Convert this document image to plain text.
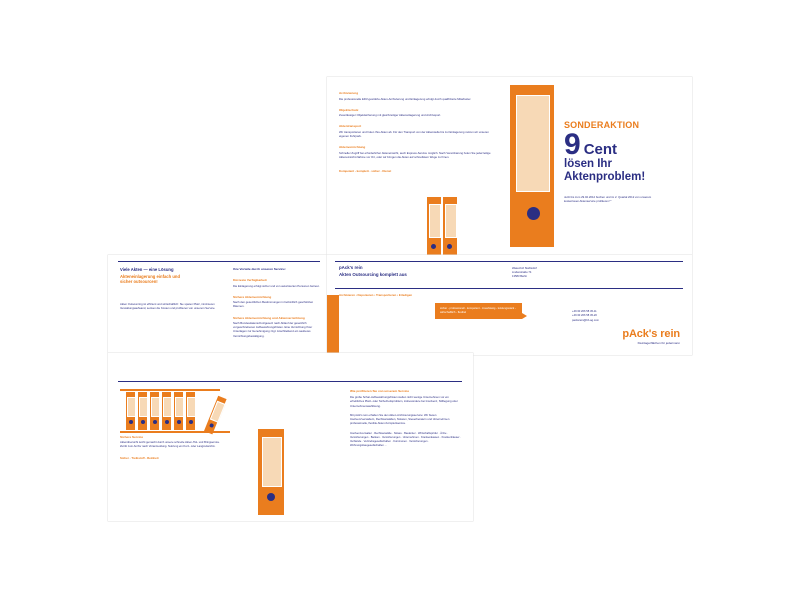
Archivierung
Die professionelle EDV-gestützte Akten-Archivierung und Einlagerung erfolgt durch qualifizierte Mitarbeiter.
Objektschutz
Zuverlässiger Objektsicherung mit gleichzeitiger Aktenanlagerung und Archivsport.
Aktentransport
Wir transportieren und holen Ihre Akten ab. Für den Transport von der Aktenstelle bis zur Einlagerung nutzen wir unseren eigenen Fuhrpark.
Aktenvernichtung
Schneller Zugriff bei erforderlicher Akteneinsicht, auch Express-Service möglich. Nach Vereinbarung holen Sie jederzeitige Akteneinsicht-Nahme vor Ort, oder wir bringen die Akten auf schnellstem Wege zu Ihnen.
Kompetent - komplett - sicher - Dienst
SONDERAKTION
9 Cent
lösen Ihr
Aktenproblem!
Jetzt bis zum 29.02.2012 buchen und im 2. Quartal 2012 von unserem kostenlosen Aktenservice profitieren! *
Viele Akten — eine Lösung
Akteneinlagerung einfach und
sicher outsourcen!
Akten Outsourcing ist effizient und wirtschaftlich: Sie sparen Platz, minimieren Verwaltungsaufwand, senken die Kosten und profitieren von unserem Service.
Ihre Vorteile durch unseren Service:
Kürzeste Verfügbarkeit
Die Einlagerung erfolgt sicher und von autorisierten Personen betreut.
Sichere Aktenvernichtung
Nach den gesetzlichen Bestimmungen in behördlich geschützten Räumen.
Sichere Aktenvernichtung und Aktenvernichtung
Nach Bundesdatenschutzgesetz nach Ablauf der gesetzlich vorgeschriebenen Aufbewahrungsfristen. Eine Vernichtung Ihrer Unterlagen zur Genehmigung zzgl. Anschließend ein sauberes Vernichtungsbestätigung.
pAck's rein
Akten Outsourcing komplett aus
Archivieren • Deponieren • Transportieren • Erledigen
Wasenhof Stahlsdorf
Lindenstraße 74
13583 Berlin
+49 30 206 58 45-11
+49 30 206 58 45-20
packsrein@bh-ag.com
sicher - professionell - kompetent - zuverlässig - leistungsstark - wirtschaftlich - flexibel
pAck's rein
Kleinlagerflächen für jedermann
Sichere Service
Aktenübersicht leicht gemacht durch unsere schnelle Akten-Hol- und Bringservice. Zutritt zum Archiv nach Voranmeldung. Nutzung ein Kurz- oder Langzeitarchiv.
Sicher - Treibstoff - Reinheit
Wie profitieren Sie von unserem Service

Die große Schar-Aufbewahrungsfristen stellen nicht wenige Unternehmen vor ein erhebliches Platz- oder Sicherheitsproblem, insbesondere bei Insolvenz, Stilllegung oder Unternehmensauflösung.

Mit pAck's rein erhalten Sie den Akten-Archivierungsservice: Wir bieten Insolvenzverwaltern, Rechtsanwälten, Notaren, Steuerberatern und Unternehmen professionelle, flexible Akten-Komplettservice.

Insolvenzverwalter · Rechtsanwälte · Notare · Bauämter · Wirtschaftsprüfer · Ärzte · Versicherungen · Banken · Versicherungen · Unternehmen · Krankenkassen · Krankenhäuser · Verbände · Vertriebsgesellschaften · Kommunen · Versicherungen · Wohnungsbaugesellschaften ...
